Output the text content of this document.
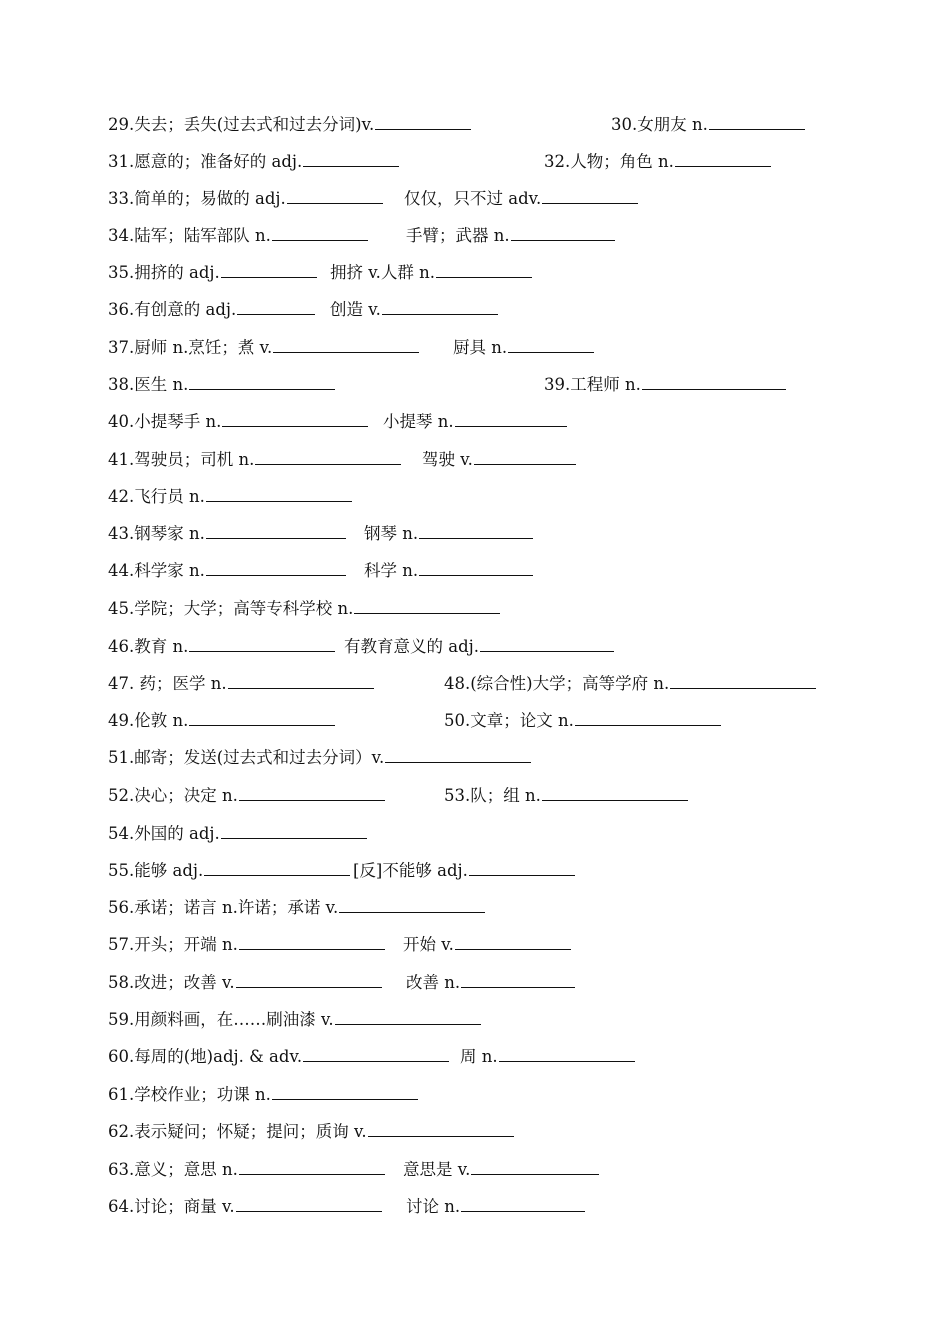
29.失去；丢失(过去式和过去分词)v.	30.女朋友 n.
31.愿意的；准备好的 adj.	32.人物；角色 n.
33.简单的；易做的 adj.	仅仅，只不过 adv.
34.陆军；陆军部队 n.	手臂；武器 n.
35.拥挤的 adj.	拥挤 v.人群 n.
36.有创意的 adj.	创造 v.
37.厨师 n.烹饪；煮 v.	厨具 n.
38.医生 n.	39.工程师 n.
40.小提琴手 n.	小提琴 n.
41.驾驶员；司机 n.	驾驶 v.
42.飞行员 n.
43.钢琴家 n.	钢琴 n.
44.科学家 n.	科学 n.
45.学院；大学；高等专科学校 n.
46.教育 n.	有教育意义的 adj.
47. 药；医学 n.	48.(综合性)大学；高等学府 n.
49.伦敦 n.	50.文章；论文 n.
51.邮寄；发送(过去式和过去分词）v.
52.决心；决定 n.	53.队；组 n.
54.外国的 adj.
55.能够 adj.	[反]不能够 adj.
56.承诺；诺言 n.许诺；承诺 v.
57.开头；开端 n.	开始 v.
58.改进；改善 v.	改善 n.
59.用颜料画，在……刷油漆 v.
60.每周的(地)adj. & adv.	周 n.
61.学校作业；功课 n.
62.表示疑问；怀疑；提问；质询 v.
63.意义；意思 n.	意思是 v.
64.讨论；商量 v.	讨论 n.
